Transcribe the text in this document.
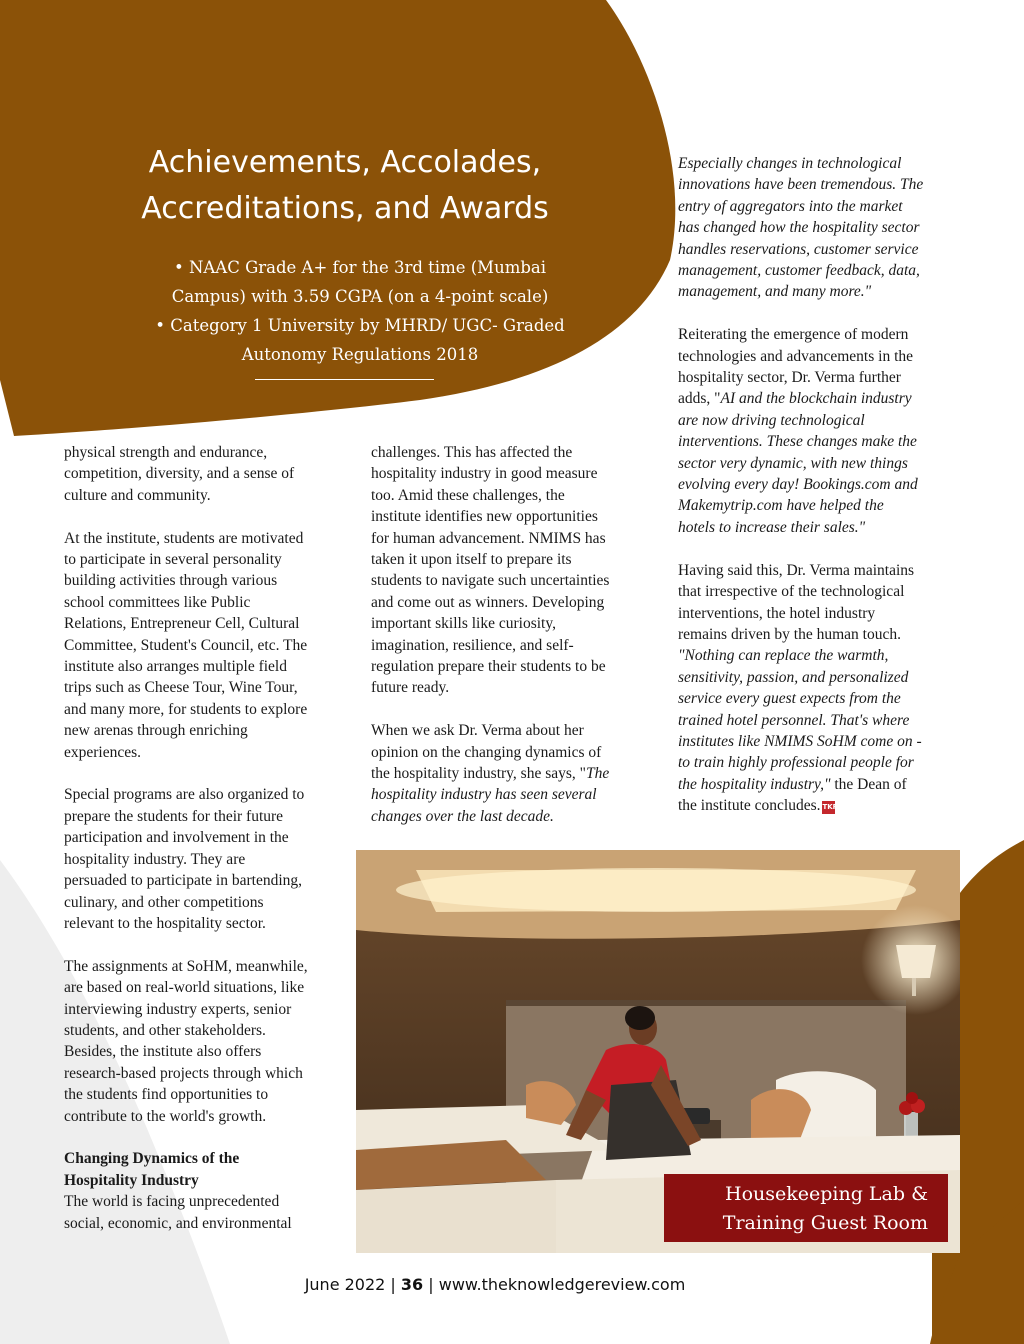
Achievements, Accolades,
Accreditations, and Awards
• NAAC Grade A+ for the 3rd time (Mumbai
Campus) with 3.59 CGPA (on a 4-point scale)
• Category 1 University by MHRD/ UGC- Graded
Autonomy Regulations 2018

physical strength and endurance,
competition, diversity, and a sense of
culture and community.

At the institute, students are motivated
to participate in several personality
building activities through various
school committees like Public
Relations, Entrepreneur Cell, Cultural
Committee, Student's Council, etc. The
institute also arranges multiple field
trips such as Cheese Tour, Wine Tour,
and many more, for students to explore
new arenas through enriching
experiences.

Special programs are also organized to
prepare the students for their future
participation and involvement in the
hospitality industry. They are
persuaded to participate in bartending,
culinary, and other competitions
relevant to the hospitality sector.

The assignments at SoHM, meanwhile,
are based on real-world situations, like
interviewing industry experts, senior
students, and other stakeholders.
Besides, the institute also offers
research-based projects through which
the students find opportunities to
contribute to the world's growth.

Changing Dynamics of the
Hospitality Industry
The world is facing unprecedented
social, economic, and environmental

challenges. This has affected the
hospitality industry in good measure
too. Amid these challenges, the
institute identifies new opportunities
for human advancement. NMIMS has
taken it upon itself to prepare its
students to navigate such uncertainties
and come out as winners. Developing
important skills like curiosity,
imagination, resilience, and self-
regulation prepare their students to be
future ready.

When we ask Dr. Verma about her
opinion on the changing dynamics of
the hospitality industry, she says, "The
hospitality industry has seen several
changes over the last decade.

Especially changes in technological
innovations have been tremendous. The
entry of aggregators into the market
has changed how the hospitality sector
handles reservations, customer service
management, customer feedback, data,
management, and many more."

Reiterating the emergence of modern
technologies and advancements in the
hospitality sector, Dr. Verma further
adds, "AI and the blockchain industry
are now driving technological
interventions. These changes make the
sector very dynamic, with new things
evolving every day! Bookings.com and
Makemytrip.com have helped the
hotels to increase their sales."

Having said this, Dr. Verma maintains
that irrespective of the technological
interventions, the hotel industry
remains driven by the human touch.
"Nothing can replace the warmth,
sensitivity, passion, and personalized
service every guest expects from the
trained hotel personnel. That's where
institutes like NMIMS SoHM come on -
to train highly professional people for
the hospitality industry," the Dean of
the institute concludes. TKR

Housekeeping Lab &
Training Guest Room
June 2022 | 36 | www.theknowledgereview.com
